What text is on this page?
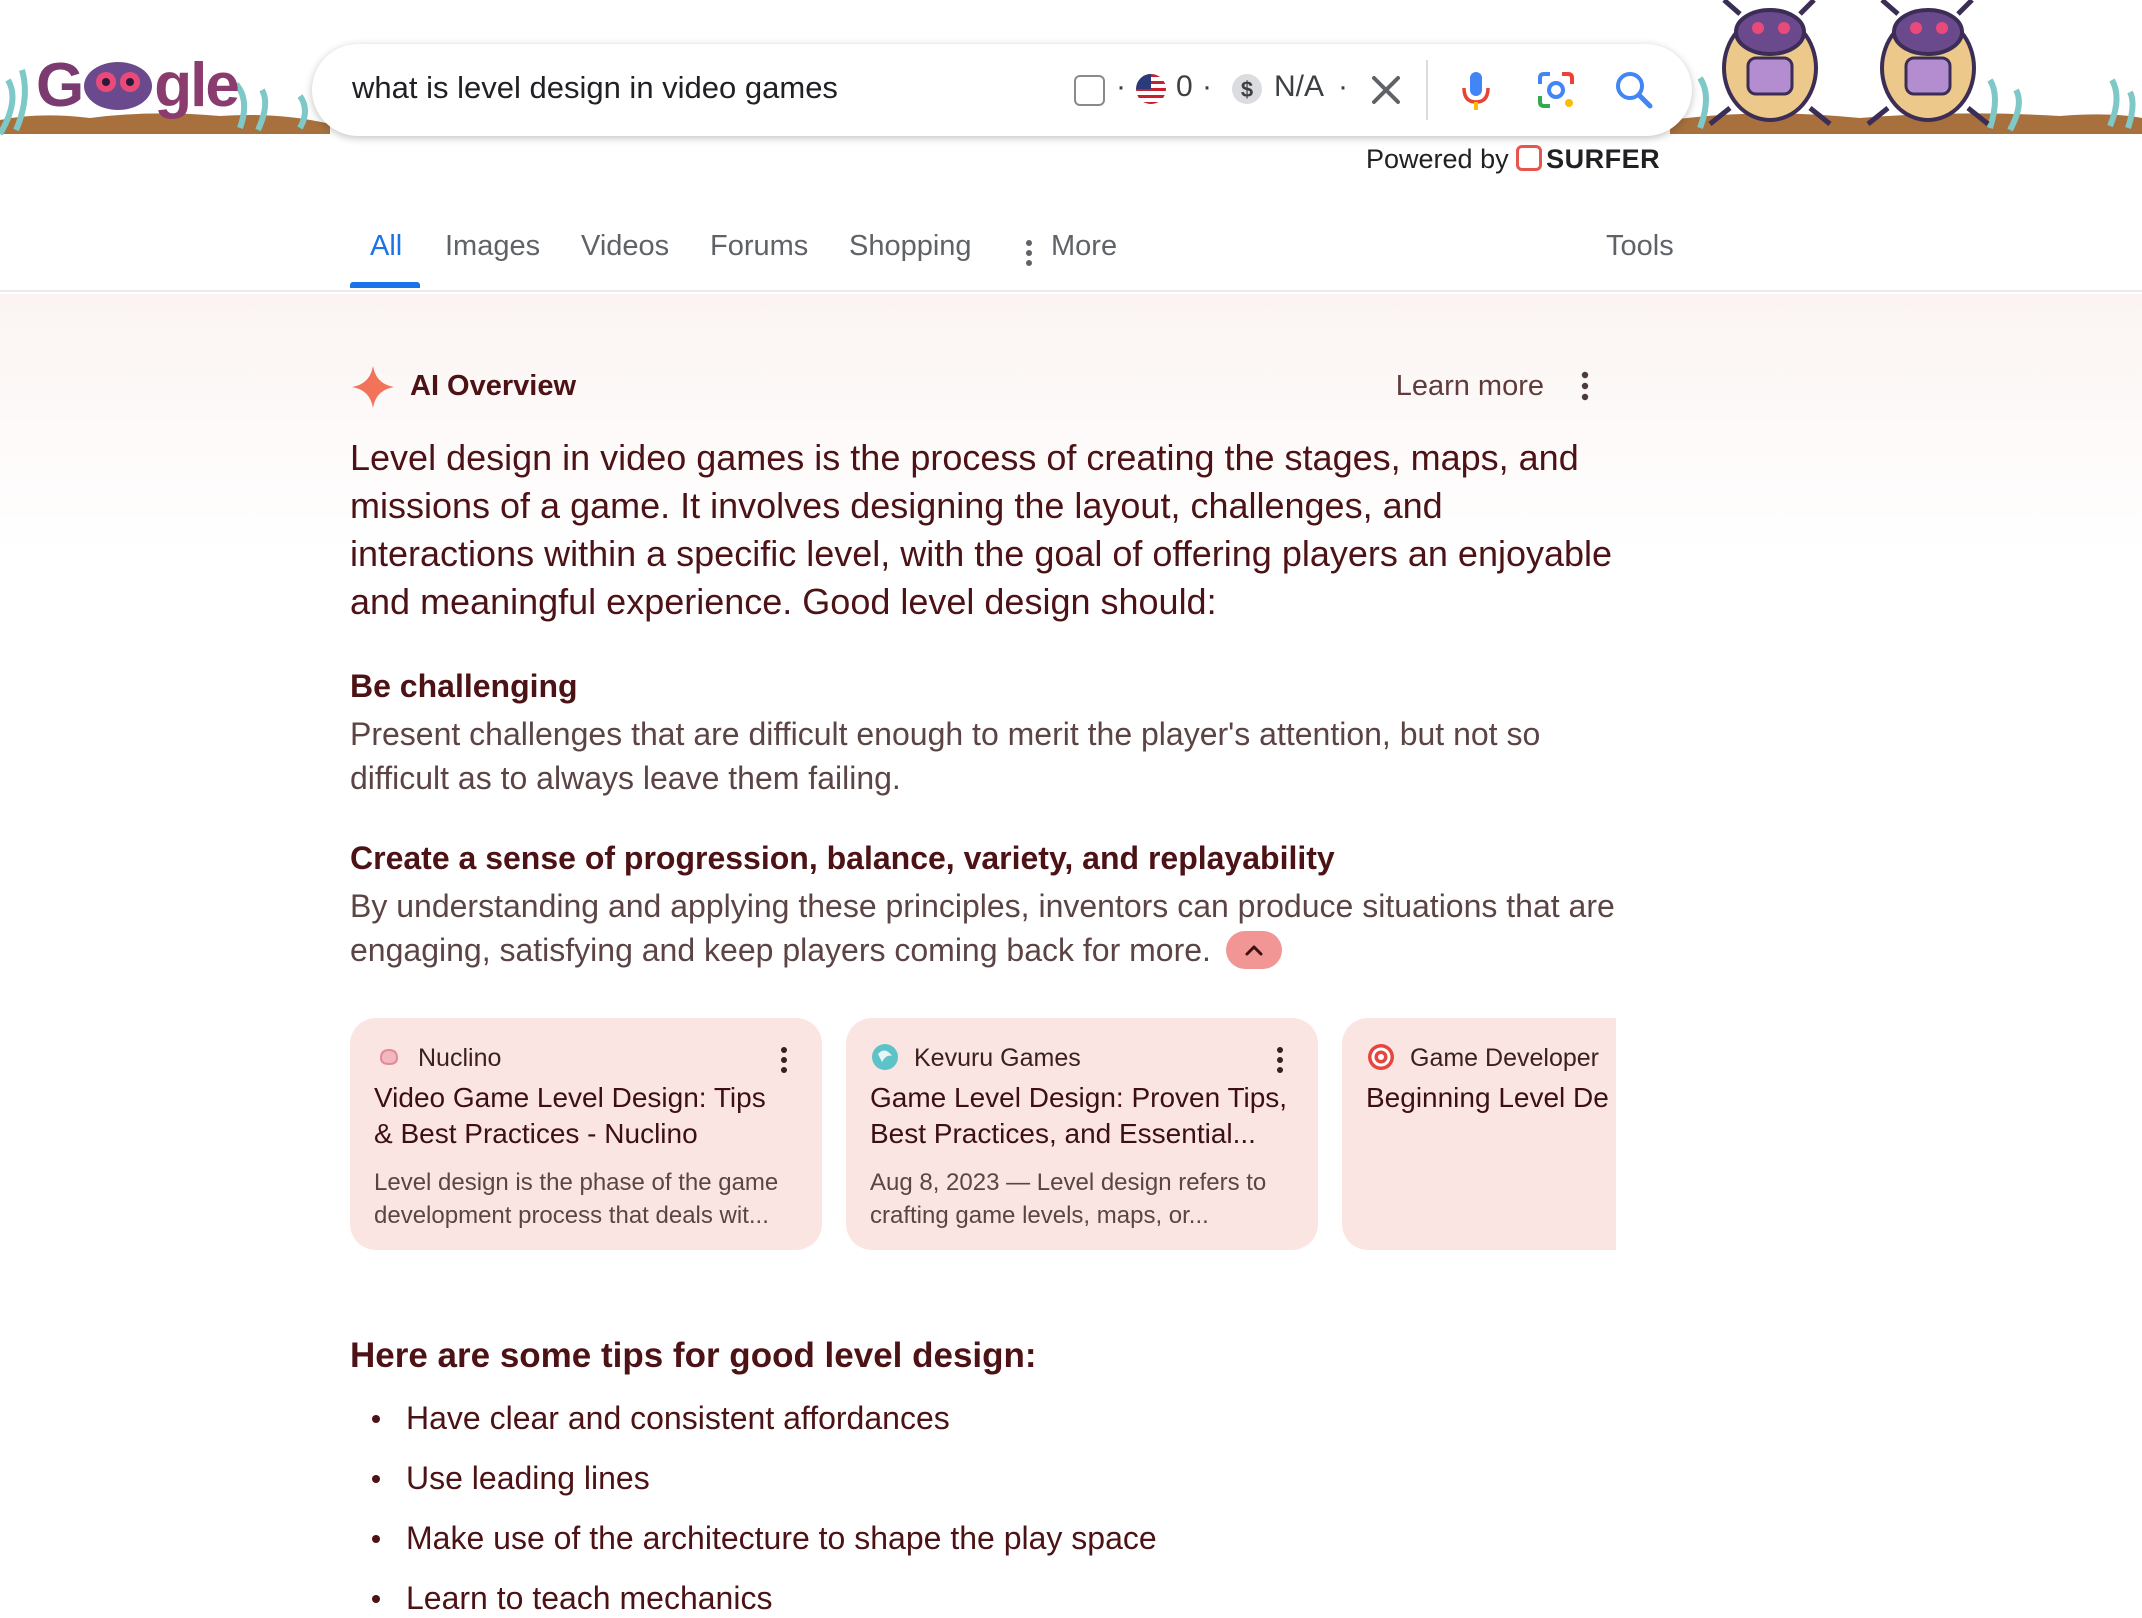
G gle	what is level design in video games	· 0 · $ N/A ·
Powered by SURFER
All Images Videos Forums Shopping	More	Tools
AI Overview	Learn more
Level design in video games is the process of creating the stages, maps, and missions of a game. It involves designing the layout, challenges, and interactions within a specific level, with the goal of offering players an enjoyable and meaningful experience. Good level design should:
Be challenging
Present challenges that are difficult enough to merit the player's attention, but not so difficult as to always leave them failing.
Create a sense of progression, balance, variety, and replayability
By understanding and applying these principles, inventors can produce situations that are engaging, satisfying and keep players coming back for more.
Nuclino
Video Game Level Design: Tips
& Best Practices - Nuclino
Level design is the phase of the game
development process that deals wit...
Kevuru Games
Game Level Design: Proven Tips,
Best Practices, and Essential...
Aug 8, 2023 — Level design refers to
crafting game levels, maps, or...
Game Developer
Beginning Level De
Here are some tips for good level design:
Have clear and consistent affordances
Use leading lines
Make use of the architecture to shape the play space
Learn to teach mechanics
